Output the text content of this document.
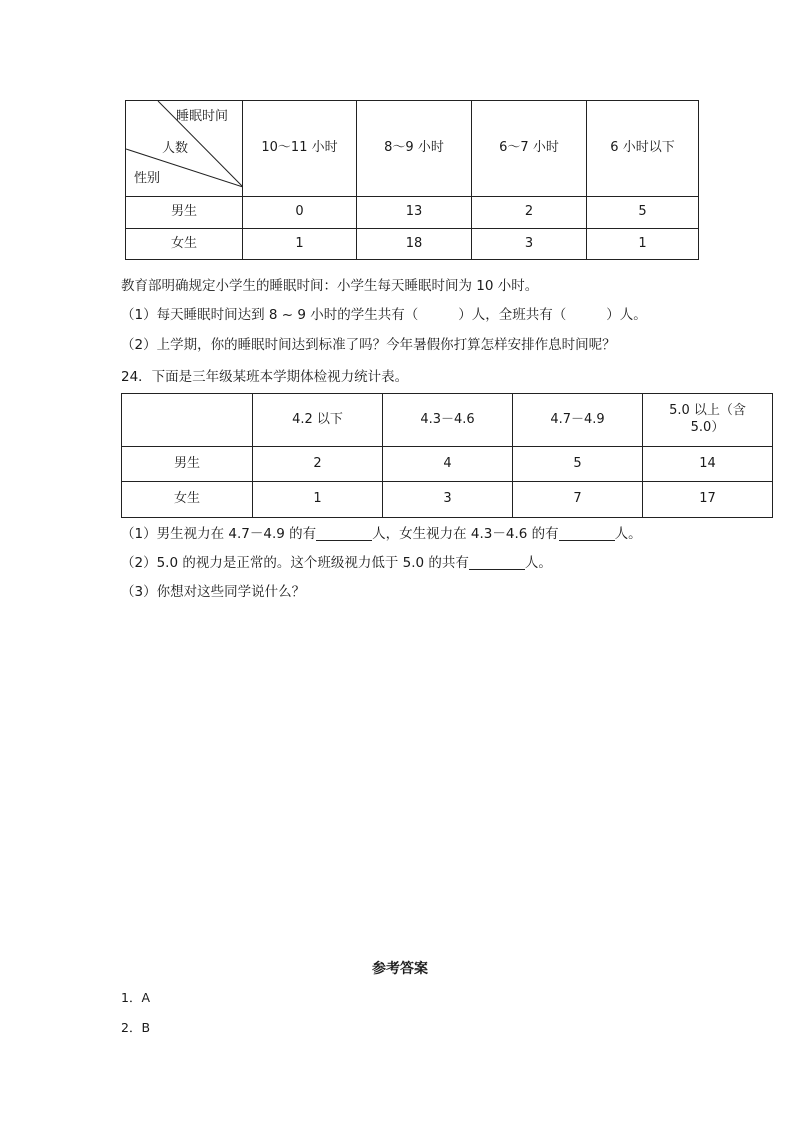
睡眠时间
人数
性别	10～11 小时	8～9 小时	6～7 小时	6 小时以下
男生	0	13	2	5
女生	1	18	3	1
教育部明确规定小学生的睡眠时间：小学生每天睡眠时间为 10 小时。
（1）每天睡眠时间达到 8 ~ 9 小时的学生共有（	）人，全班共有（	）人。
（2）上学期，你的睡眠时间达到标准了吗？今年暑假你打算怎样安排作息时间呢？
24．下面是三年级某班本学期体检视力统计表。
	4.2 以下	4.3－4.6	4.7－4.9	5.0 以上（含 5.0）
男生	2	4	5	14
女生	1	3	7	17
（1）男生视力在 4.7－4.9 的有	人，女生视力在 4.3－4.6 的有	人。
（2）5.0 的视力是正常的。这个班级视力低于 5.0 的共有	人。
（3）你想对这些同学说什么？
参考答案
1．A
2．B
